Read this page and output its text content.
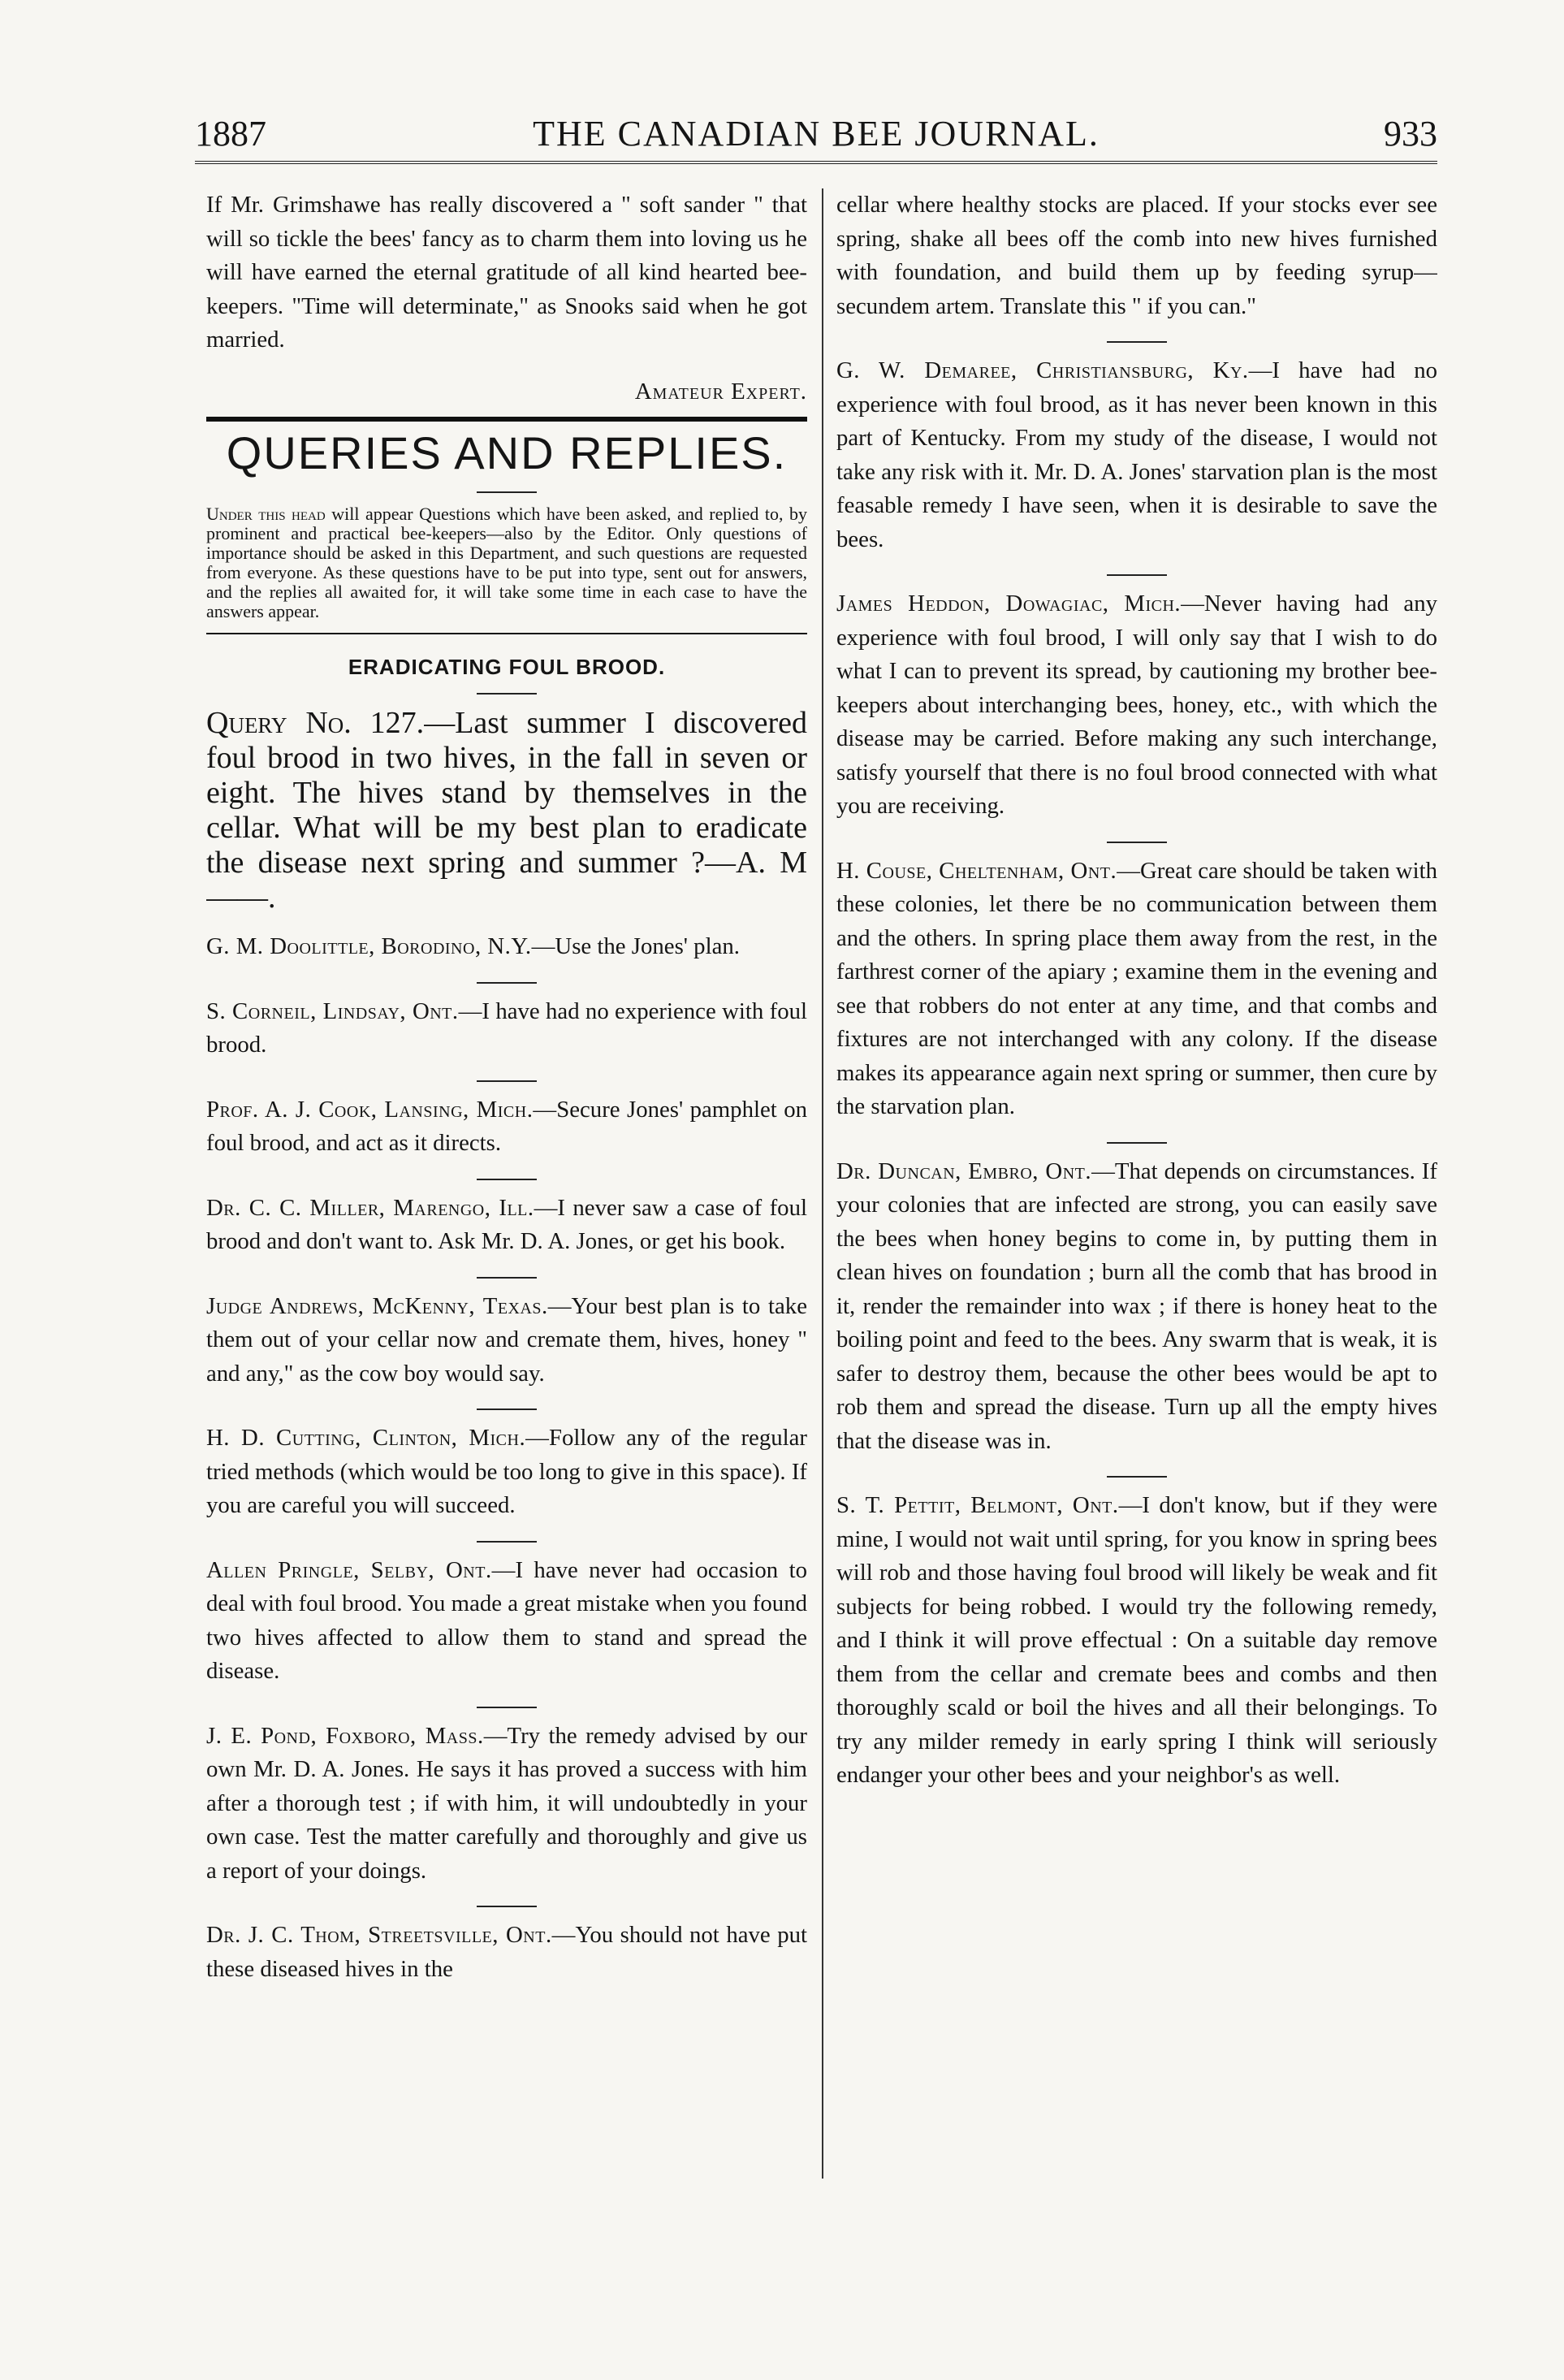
1887	THE CANADIAN BEE JOURNAL.	933

If Mr. Grimshawe has really discovered a " soft sander " that will so tickle the bees' fancy as to charm them into loving us he will have earned the eternal gratitude of all kind hearted bee-keepers. "Time will determinate," as Snooks said when he got married.

Amateur Expert.

QUERIES AND REPLIES.

Under this head will appear Questions which have been asked, and replied to, by prominent and practical bee-keepers—also by the Editor. Only questions of importance should be asked in this Department, and such questions are requested from everyone. As these questions have to be put into type, sent out for answers, and the replies all awaited for, it will take some time in each case to have the answers appear.

ERADICATING FOUL BROOD.

Query No. 127.—Last summer I discovered foul brood in two hives, in the fall in seven or eight. The hives stand by themselves in the cellar. What will be my best plan to eradicate the disease next spring and summer ?—A. M——.

G. M. Doolittle, Borodino, N.Y.—Use the Jones' plan.

S. Corneil, Lindsay, Ont.—I have had no experience with foul brood.

Prof. A. J. Cook, Lansing, Mich.—Secure Jones' pamphlet on foul brood, and act as it directs.

Dr. C. C. Miller, Marengo, Ill.—I never saw a case of foul brood and don't want to. Ask Mr. D. A. Jones, or get his book.

Judge Andrews, McKenny, Texas.—Your best plan is to take them out of your cellar now and cremate them, hives, honey " and any," as the cow boy would say.

H. D. Cutting, Clinton, Mich.—Follow any of the regular tried methods (which would be too long to give in this space). If you are careful you will succeed.

Allen Pringle, Selby, Ont.—I have never had occasion to deal with foul brood. You made a great mistake when you found two hives affected to allow them to stand and spread the disease.

J. E. Pond, Foxboro, Mass.—Try the remedy advised by our own Mr. D. A. Jones. He says it has proved a success with him after a thorough test ; if with him, it will undoubtedly in your own case. Test the matter carefully and thoroughly and give us a report of your doings.

Dr. J. C. Thom, Streetsville, Ont.—You should not have put these diseased hives in the

cellar where healthy stocks are placed. If your stocks ever see spring, shake all bees off the comb into new hives furnished with foundation, and build them up by feeding syrup—secundem artem. Translate this " if you can."

G. W. Demaree, Christiansburg, Ky.—I have had no experience with foul brood, as it has never been known in this part of Kentucky. From my study of the disease, I would not take any risk with it. Mr. D. A. Jones' starvation plan is the most feasable remedy I have seen, when it is desirable to save the bees.

James Heddon, Dowagiac, Mich.—Never having had any experience with foul brood, I will only say that I wish to do what I can to prevent its spread, by cautioning my brother bee-keepers about interchanging bees, honey, etc., with which the disease may be carried. Before making any such interchange, satisfy yourself that there is no foul brood connected with what you are receiving.

H. Couse, Cheltenham, Ont.—Great care should be taken with these colonies, let there be no communication between them and the others. In spring place them away from the rest, in the farthrest corner of the apiary ; examine them in the evening and see that robbers do not enter at any time, and that combs and fixtures are not interchanged with any colony. If the disease makes its appearance again next spring or summer, then cure by the starvation plan.

Dr. Duncan, Embro, Ont.—That depends on circumstances. If your colonies that are infected are strong, you can easily save the bees when honey begins to come in, by putting them in clean hives on foundation ; burn all the comb that has brood in it, render the remainder into wax ; if there is honey heat to the boiling point and feed to the bees. Any swarm that is weak, it is safer to destroy them, because the other bees would be apt to rob them and spread the disease. Turn up all the empty hives that the disease was in.

S. T. Pettit, Belmont, Ont.—I don't know, but if they were mine, I would not wait until spring, for you know in spring bees will rob and those having foul brood will likely be weak and fit subjects for being robbed. I would try the following remedy, and I think it will prove effectual : On a suitable day remove them from the cellar and cremate bees and combs and then thoroughly scald or boil the hives and all their belongings. To try any milder remedy in early spring I think will seriously endanger your other bees and your neighbor's as well.
